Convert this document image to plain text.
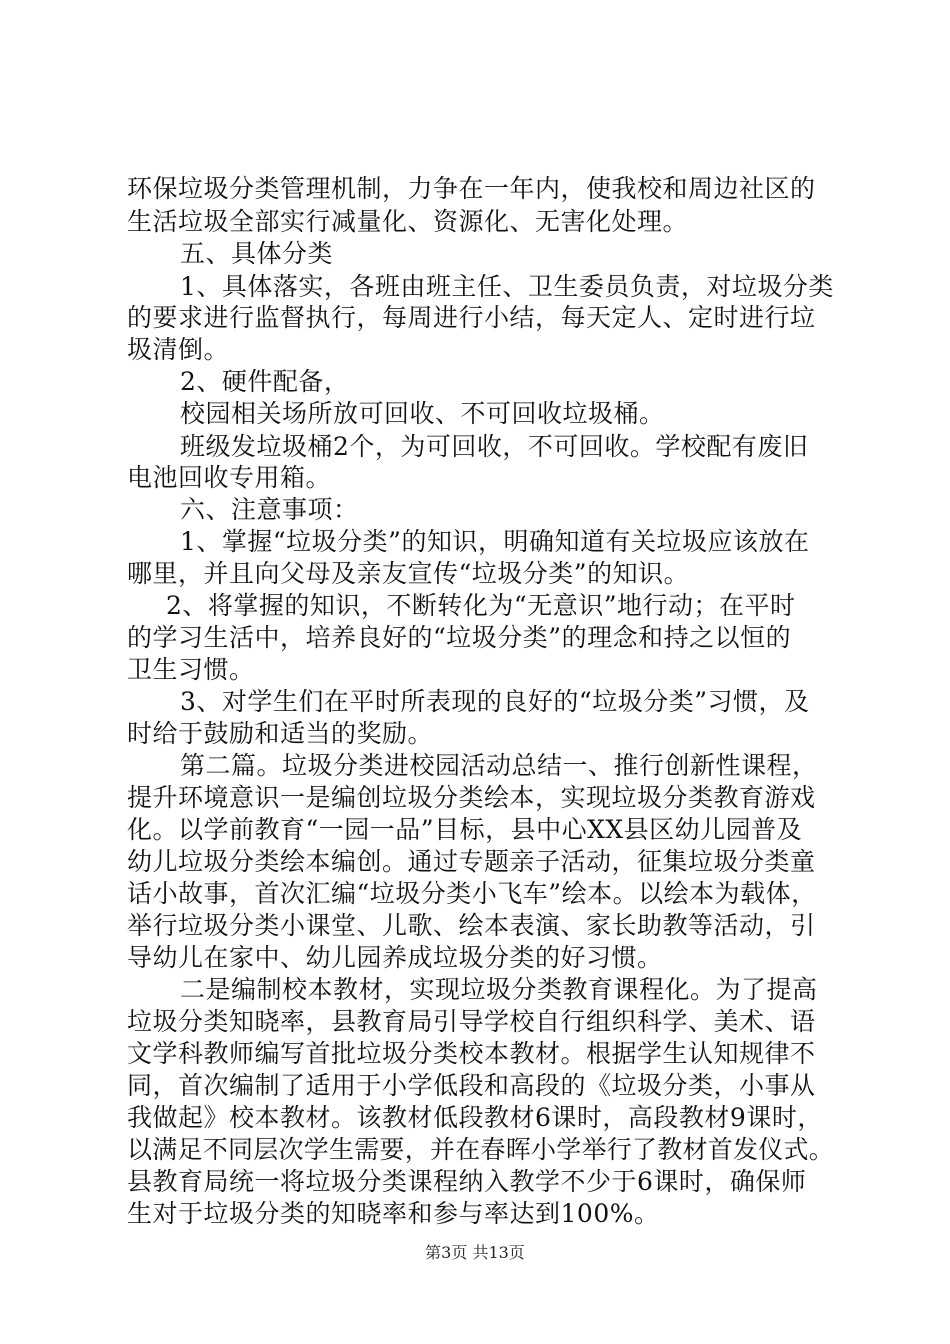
环保垃圾分类管理机制，力争在一年内，使我校和周边社区的
生活垃圾全部实行减量化、资源化、无害化处理。
五、具体分类
1、具体落实，各班由班主任、卫生委员负责，对垃圾分类
的要求进行监督执行，每周进行小结，每天定人、定时进行垃
圾清倒。
2、硬件配备，
校园相关场所放可回收、不可回收垃圾桶。
班级发垃圾桶2个，为可回收，不可回收。学校配有废旧
电池回收专用箱。
六、注意事项：
1、掌握“垃圾分类”的知识，明确知道有关垃圾应该放在
哪里，并且向父母及亲友宣传“垃圾分类”的知识。
2、将掌握的知识，不断转化为“无意识”地行动；在平时
的学习生活中，培养良好的“垃圾分类”的理念和持之以恒的
卫生习惯。
3、对学生们在平时所表现的良好的“垃圾分类”习惯，及
时给于鼓励和适当的奖励。
第二篇。垃圾分类进校园活动总结一、推行创新性课程，
提升环境意识一是编创垃圾分类绘本，实现垃圾分类教育游戏
化。以学前教育“一园一品”目标，县中心XX县区幼儿园普及
幼儿垃圾分类绘本编创。通过专题亲子活动，征集垃圾分类童
话小故事，首次汇编“垃圾分类小飞车”绘本。以绘本为载体，
举行垃圾分类小课堂、儿歌、绘本表演、家长助教等活动，引
导幼儿在家中、幼儿园养成垃圾分类的好习惯。
二是编制校本教材，实现垃圾分类教育课程化。为了提高
垃圾分类知晓率，县教育局引导学校自行组织科学、美术、语
文学科教师编写首批垃圾分类校本教材。根据学生认知规律不
同，首次编制了适用于小学低段和高段的《垃圾分类，小事从
我做起》校本教材。该教材低段教材6课时，高段教材9课时，
以满足不同层次学生需要，并在春晖小学举行了教材首发仪式。
县教育局统一将垃圾分类课程纳入教学不少于6课时，确保师
生对于垃圾分类的知晓率和参与率达到100%。
第3页 共13页
